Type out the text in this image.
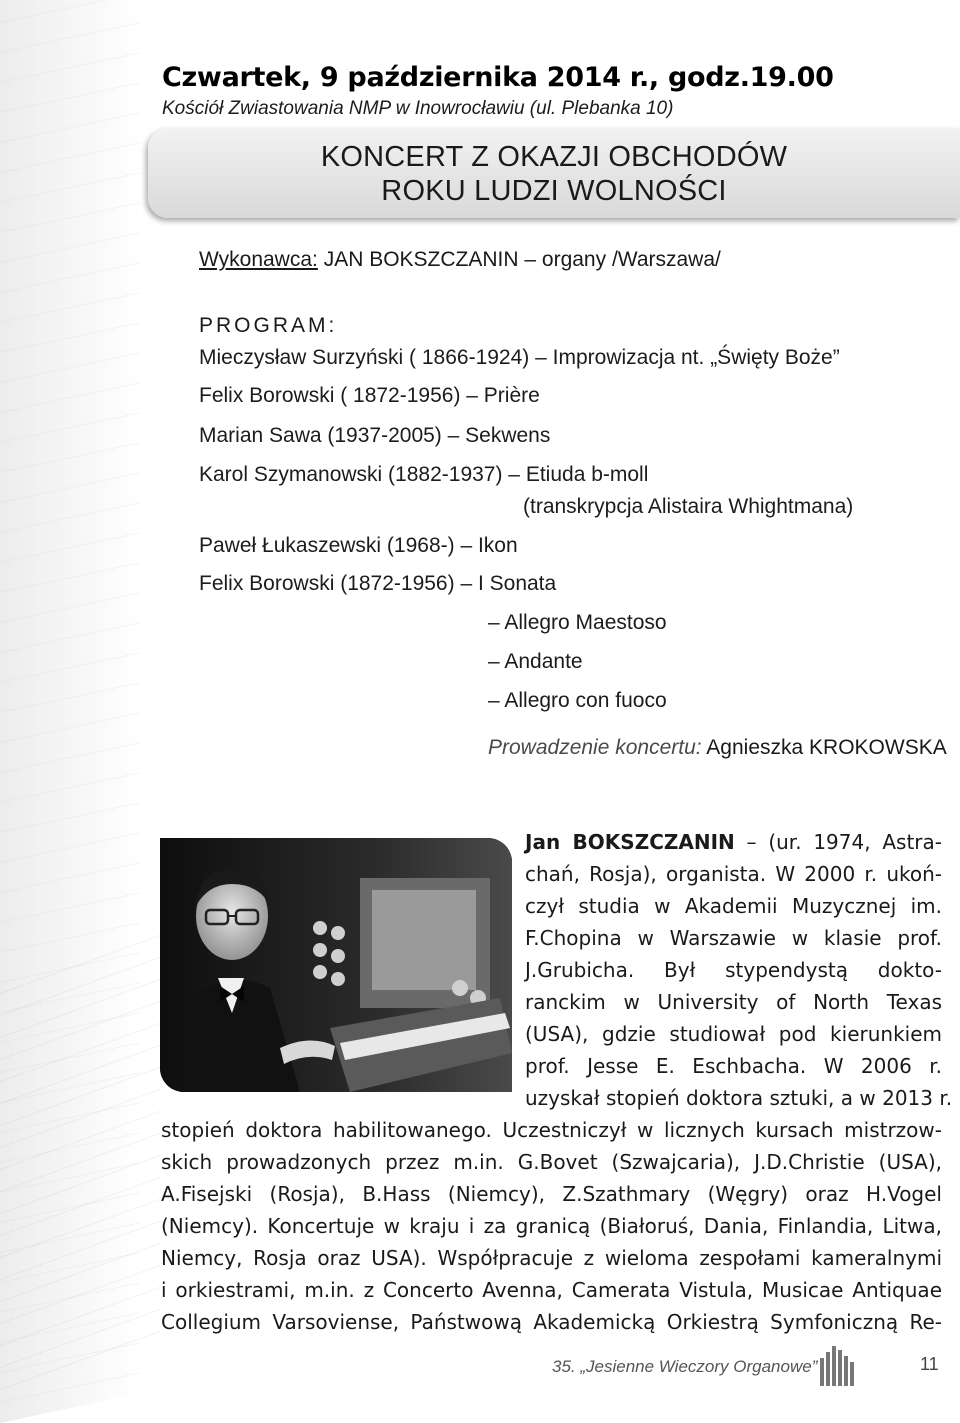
Czwartek, 9 października 2014 r., godz.19.00
Kościół Zwiastowania NMP w Inowrocławiu (ul. Plebanka 10)
KONCERT Z OKAZJI OBCHODÓW
ROKU LUDZI WOLNOŚCI
Wykonawca: JAN BOKSZCZANIN – organy /Warszawa/
PROGRAM:
Mieczysław Surzyński ( 1866-1924) – Improwizacja nt. „Święty Boże”
Felix Borowski ( 1872-1956) – Prière
Marian Sawa (1937-2005) – Sekwens
Karol Szymanowski (1882-1937) – Etiuda b-moll
(transkrypcja Alistaira Whightmana)
Paweł Łukaszewski (1968-) – Ikon
Felix Borowski (1872-1956) – I Sonata
– Allegro Maestoso
– Andante
– Allegro con fuoco
Prowadzenie koncertu: Agnieszka KROKOWSKA
Jan BOKSZCZANIN – (ur. 1974, Astra-
chań, Rosja), organista. W 2000 r. ukoń-
czył studia w Akademii Muzycznej im.
F.Chopina w Warszawie w klasie prof.
J.Grubicha. Był stypendystą dokto-
ranckim w University of North Texas
(USA), gdzie studiował pod kierunkiem
prof. Jesse E. Eschbacha. W 2006 r.
uzyskał stopień doktora sztuki, a w 2013 r.
stopień doktora habilitowanego. Uczestniczył w licznych kursach mistrzow-
skich prowadzonych przez m.in. G.Bovet (Szwajcaria), J.D.Christie (USA),
A.Fisejski (Rosja), B.Hass (Niemcy), Z.Szathmary (Węgry) oraz H.Vogel
(Niemcy). Koncertuje w kraju i za granicą (Białoruś, Dania, Finlandia, Litwa,
Niemcy, Rosja oraz USA). Współpracuje z wieloma zespołami kameralnymi
i orkiestrami, m.in. z Concerto Avenna, Camerata Vistula, Musicae Antiquae
Collegium Varsoviense, Państwową Akademicką Orkiestrą Symfoniczną Re-
35. „Jesienne Wieczory Organowe”	11
